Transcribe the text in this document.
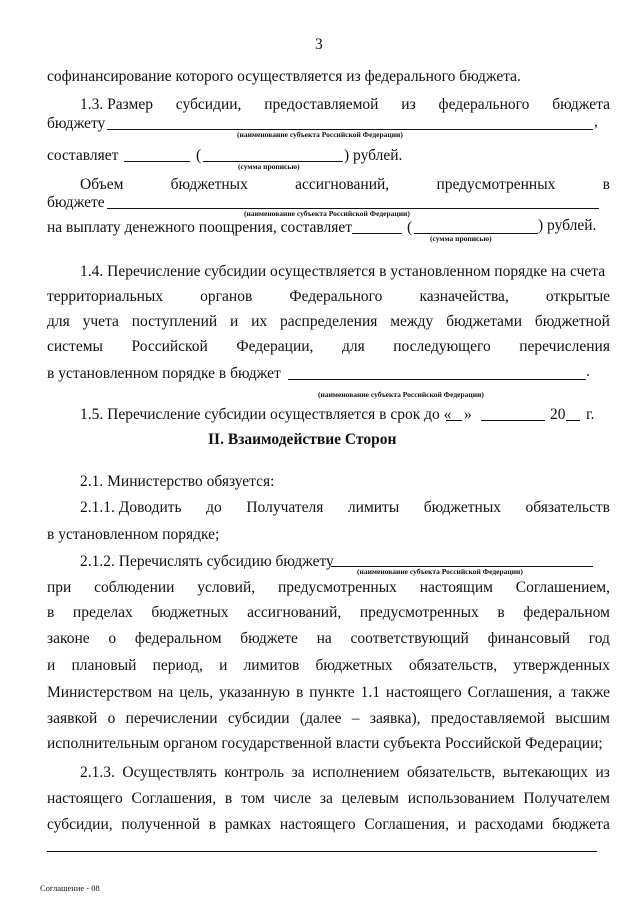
3
софинансирование которого осуществляется из федерального бюджета.
1.3. Размер субсидии, предоставляемой из федерального бюджета
бюджету	,
(наименование субъекта Российской Федерации)
составляет	(	) рублей.
(сумма прописью)
Объем	бюджетных	ассигнований,	предусмотренных	в
бюджете
(наименование субъекта Российской Федерации)
на выплату денежного поощрения, составляет	(	) рублей.
(сумма прописью)
1.4. Перечисление субсидии осуществляется в установленном порядке на счета
территориальных органов Федерального казначейства, открытые
для учета поступлений и их распределения между бюджетами бюджетной
системы Российской Федерации, для последующего перечисления
в установленном порядке в бюджет	.
(наименование субъекта Российской Федерации)
1.5. Перечисление субсидии осуществляется в срок до « »	20 г.
II. Взаимодействие Сторон
2.1. Министерство обязуется:
2.1.1. Доводить до Получателя лимиты бюджетных обязательств
в установленном порядке;
2.1.2. Перечислять субсидию бюджету
(наименование субъекта Российской Федерации)
при соблюдении условий, предусмотренных настоящим Соглашением,
в пределах бюджетных ассигнований, предусмотренных в федеральном
законе о федеральном бюджете на соответствующий финансовый год
и плановый период, и лимитов бюджетных обязательств, утвержденных
Министерством на цель, указанную в пункте 1.1 настоящего Соглашения, а также
заявкой о перечислении субсидии (далее – заявка), предоставляемой высшим
исполнительным органом государственной власти субъекта Российской Федерации;
2.1.3. Осуществлять контроль за исполнением обязательств, вытекающих из
настоящего Соглашения, в том числе за целевым использованием Получателем
субсидии, полученной в рамках настоящего Соглашения, и расходами бюджета
Соглашение - 08
